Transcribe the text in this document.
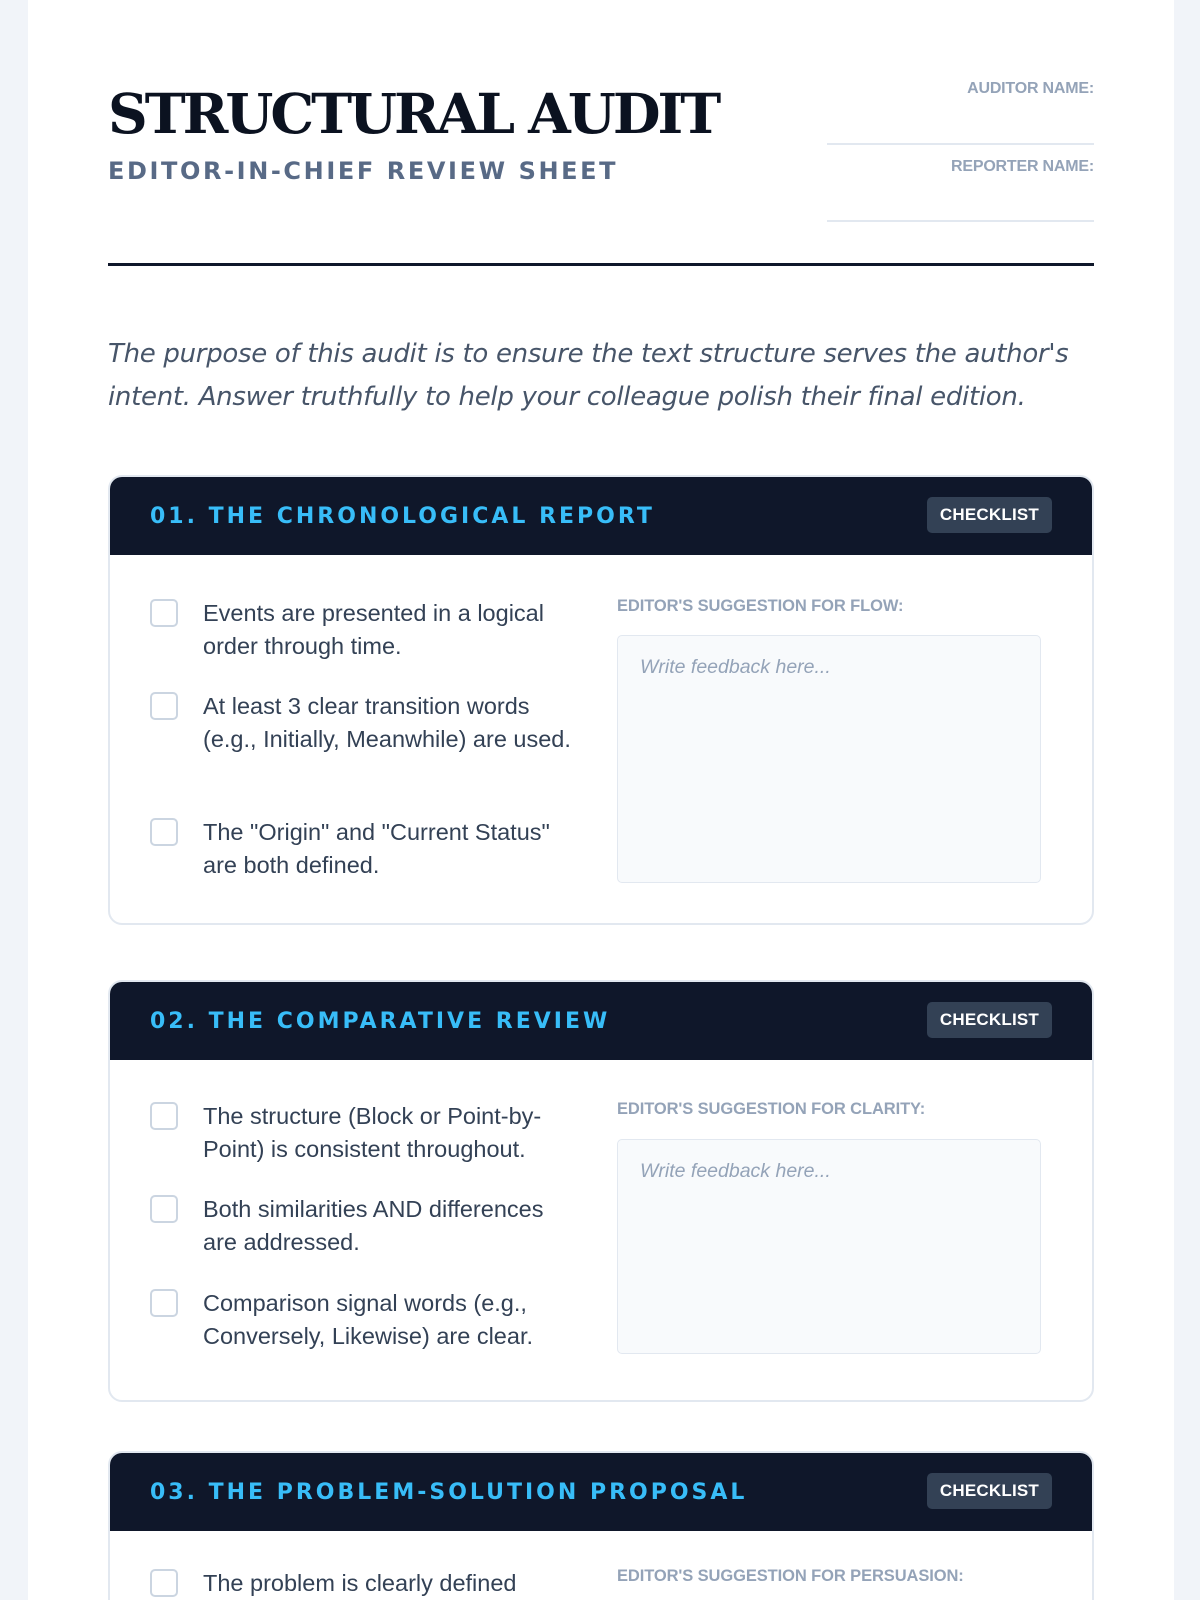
STRUCTURAL AUDIT
EDITOR-IN-CHIEF REVIEW SHEET
AUDITOR NAME:
REPORTER NAME:

The purpose of this audit is to ensure the text structure serves the author's intent. Answer truthfully to help your colleague polish their final edition.

01. THE CHRONOLOGICAL REPORT	CHECKLIST

Events are presented in a logical order through time.

At least 3 clear transition words (e.g., Initially, Meanwhile) are used.

The "Origin" and "Current Status" are both defined.

EDITOR'S SUGGESTION FOR FLOW:
Write feedback here...
02. THE COMPARATIVE REVIEW	CHECKLIST

The structure (Block or Point-by-Point) is consistent throughout.

Both similarities AND differences are addressed.

Comparison signal words (e.g., Conversely, Likewise) are clear.

EDITOR'S SUGGESTION FOR CLARITY:
Write feedback here...
03. THE PROBLEM-SOLUTION PROPOSAL	CHECKLIST

The problem is clearly defined	EDITOR'S SUGGESTION FOR PERSUASION:
